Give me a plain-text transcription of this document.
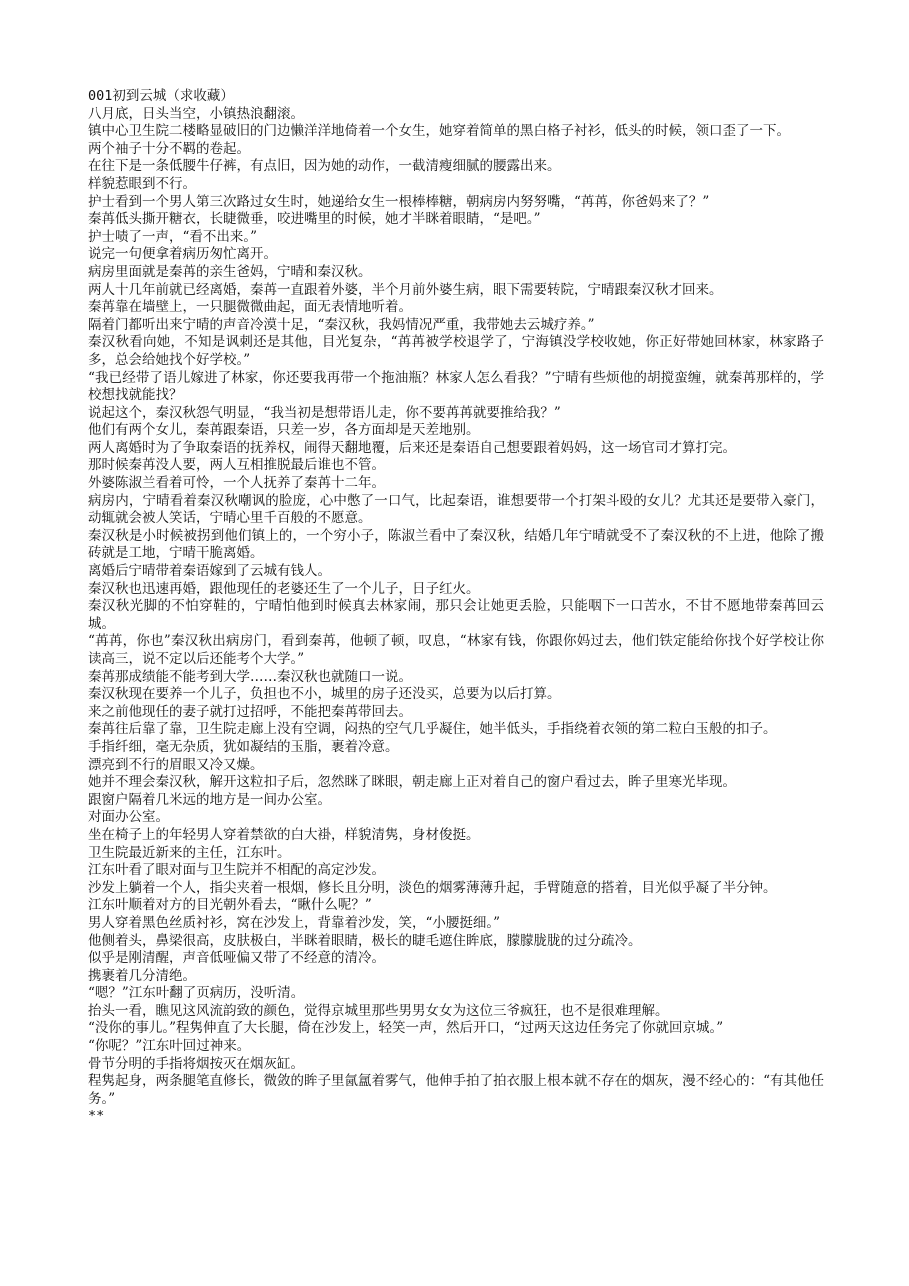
001初到云城（求收藏）

八月底，日头当空，小镇热浪翻滚。

镇中心卫生院二楼略显破旧的门边懒洋洋地倚着一个女生，她穿着简单的黑白格子衬衫，低头的时候，领口歪了一下。

两个袖子十分不羁的卷起。

在往下是一条低腰牛仔裤，有点旧，因为她的动作，一截清瘦细腻的腰露出来。

样貌惹眼到不行。

护士看到一个男人第三次路过女生时，她递给女生一根棒棒糖，朝病房内努努嘴，“苒苒，你爸妈来了？”

秦苒低头撕开糖衣，长睫微垂，咬进嘴里的时候，她才半眯着眼睛，“是吧。”

护士啧了一声，“看不出来。”

说完一句便拿着病历匆忙离开。

病房里面就是秦苒的亲生爸妈，宁晴和秦汉秋。

两人十几年前就已经离婚，秦苒一直跟着外婆，半个月前外婆生病，眼下需要转院，宁晴跟秦汉秋才回来。

秦苒靠在墙壁上，一只腿微微曲起，面无表情地听着。

隔着门都听出来宁晴的声音冷漠十足，“秦汉秋，我妈情况严重，我带她去云城疗养。”

秦汉秋看向她，不知是讽刺还是其他，目光复杂，“苒苒被学校退学了，宁海镇没学校收她，你正好带她回林家，林家路子多，总会给她找个好学校。”

“我已经带了语儿嫁进了林家，你还要我再带一个拖油瓶？林家人怎么看我？”宁晴有些烦他的胡搅蛮缠，就秦苒那样的，学校想找就能找？

说起这个，秦汉秋怨气明显，“我当初是想带语儿走，你不要苒苒就要推给我？”

他们有两个女儿，秦苒跟秦语，只差一岁，各方面却是天差地别。

两人离婚时为了争取秦语的抚养权，闹得天翻地覆，后来还是秦语自己想要跟着妈妈，这一场官司才算打完。

那时候秦苒没人要，两人互相推脱最后谁也不管。

外婆陈淑兰看着可怜，一个人抚养了秦苒十二年。

病房内，宁晴看着秦汉秋嘲讽的脸庞，心中憋了一口气，比起秦语，谁想要带一个打架斗殴的女儿？尤其还是要带入豪门，动辄就会被人笑话，宁晴心里千百般的不愿意。

秦汉秋是小时候被拐到他们镇上的，一个穷小子，陈淑兰看中了秦汉秋，结婚几年宁晴就受不了秦汉秋的不上进，他除了搬砖就是工地，宁晴干脆离婚。

离婚后宁晴带着秦语嫁到了云城有钱人。

秦汉秋也迅速再婚，跟他现任的老婆还生了一个儿子，日子红火。

秦汉秋光脚的不怕穿鞋的，宁晴怕他到时候真去林家闹，那只会让她更丢脸，只能咽下一口苦水，不甘不愿地带秦苒回云城。

“苒苒，你也”秦汉秋出病房门，看到秦苒，他顿了顿，叹息，“林家有钱，你跟你妈过去，他们铁定能给你找个好学校让你读高三，说不定以后还能考个大学。”

秦苒那成绩能不能考到大学……秦汉秋也就随口一说。

秦汉秋现在要养一个儿子，负担也不小，城里的房子还没买，总要为以后打算。

来之前他现任的妻子就打过招呼，不能把秦苒带回去。

秦苒往后靠了靠，卫生院走廊上没有空调，闷热的空气几乎凝住，她半低头，手指绕着衣领的第二粒白玉般的扣子。

手指纤细，毫无杂质，犹如凝结的玉脂，裹着冷意。

漂亮到不行的眉眼又冷又燥。

她并不理会秦汉秋，解开这粒扣子后，忽然眯了眯眼，朝走廊上正对着自己的窗户看过去，眸子里寒光毕现。

跟窗户隔着几米远的地方是一间办公室。

对面办公室。

坐在椅子上的年轻男人穿着禁欲的白大褂，样貌清隽，身材俊挺。

卫生院最近新来的主任，江东叶。

江东叶看了眼对面与卫生院并不相配的高定沙发。

沙发上躺着一个人，指尖夹着一根烟，修长且分明，淡色的烟雾薄薄升起，手臂随意的搭着，目光似乎凝了半分钟。

江东叶顺着对方的目光朝外看去，“瞅什么呢？”

男人穿着黑色丝质衬衫，窝在沙发上，背靠着沙发，笑，“小腰挺细。”

他侧着头，鼻梁很高，皮肤极白，半眯着眼睛，极长的睫毛遮住眸底，朦朦胧胧的过分疏冷。

似乎是刚清醒，声音低哑偏又带了不经意的清冷。

携裹着几分清绝。

“嗯？”江东叶翻了页病历，没听清。

抬头一看，瞧见这风流韵致的颜色，觉得京城里那些男男女女为这位三爷疯狂，也不是很难理解。

“没你的事儿。”程隽伸直了大长腿，倚在沙发上，轻笑一声，然后开口，“过两天这边任务完了你就回京城。”

“你呢？”江东叶回过神来。

骨节分明的手指将烟按灭在烟灰缸。

程隽起身，两条腿笔直修长，微敛的眸子里氤氲着雾气，他伸手拍了拍衣服上根本就不存在的烟灰，漫不经心的：“有其他任务。”

**
